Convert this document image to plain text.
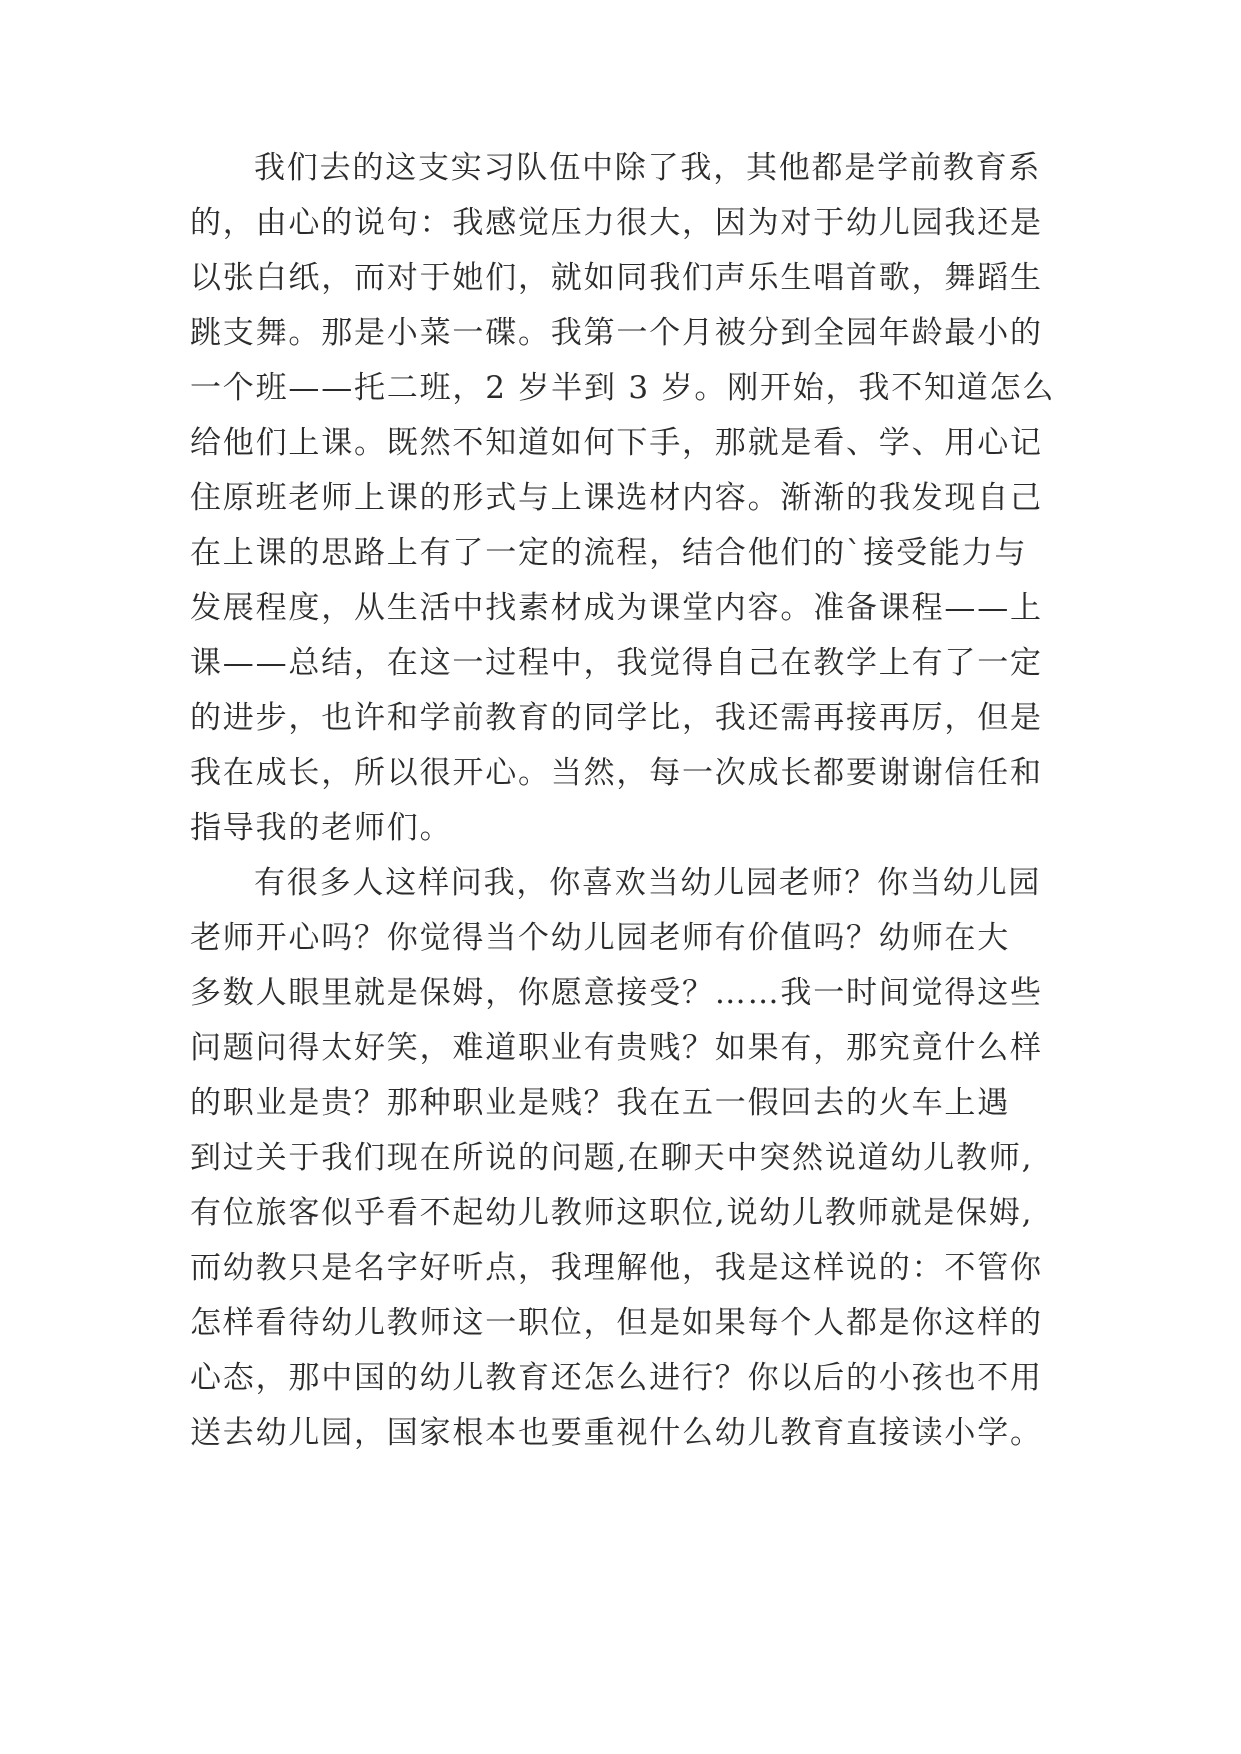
我们去的这支实习队伍中除了我，其他都是学前教育系
的，由心的说句：我感觉压力很大，因为对于幼儿园我还是
以张白纸，而对于她们，就如同我们声乐生唱首歌，舞蹈生
跳支舞。那是小菜一碟。我第一个月被分到全园年龄最小的
一个班——托二班，2 岁半到 3 岁。刚开始，我不知道怎么
给他们上课。既然不知道如何下手，那就是看、学、用心记
住原班老师上课的形式与上课选材内容。渐渐的我发现自己
在上课的思路上有了一定的流程，结合他们的`接受能力与
发展程度，从生活中找素材成为课堂内容。准备课程——上
课——总结，在这一过程中，我觉得自己在教学上有了一定
的进步，也许和学前教育的同学比，我还需再接再厉，但是
我在成长，所以很开心。当然，每一次成长都要谢谢信任和
指导我的老师们。
有很多人这样问我，你喜欢当幼儿园老师？你当幼儿园
老师开心吗？你觉得当个幼儿园老师有价值吗？幼师在大
多数人眼里就是保姆，你愿意接受？……我一时间觉得这些
问题问得太好笑，难道职业有贵贱？如果有，那究竟什么样
的职业是贵？那种职业是贱？我在五一假回去的火车上遇
到过关于我们现在所说的问题,在聊天中突然说道幼儿教师,
有位旅客似乎看不起幼儿教师这职位,说幼儿教师就是保姆,
而幼教只是名字好听点，我理解他，我是这样说的：不管你
怎样看待幼儿教师这一职位，但是如果每个人都是你这样的
心态，那中国的幼儿教育还怎么进行？你以后的小孩也不用
送去幼儿园，国家根本也要重视什么幼儿教育直接读小学。
